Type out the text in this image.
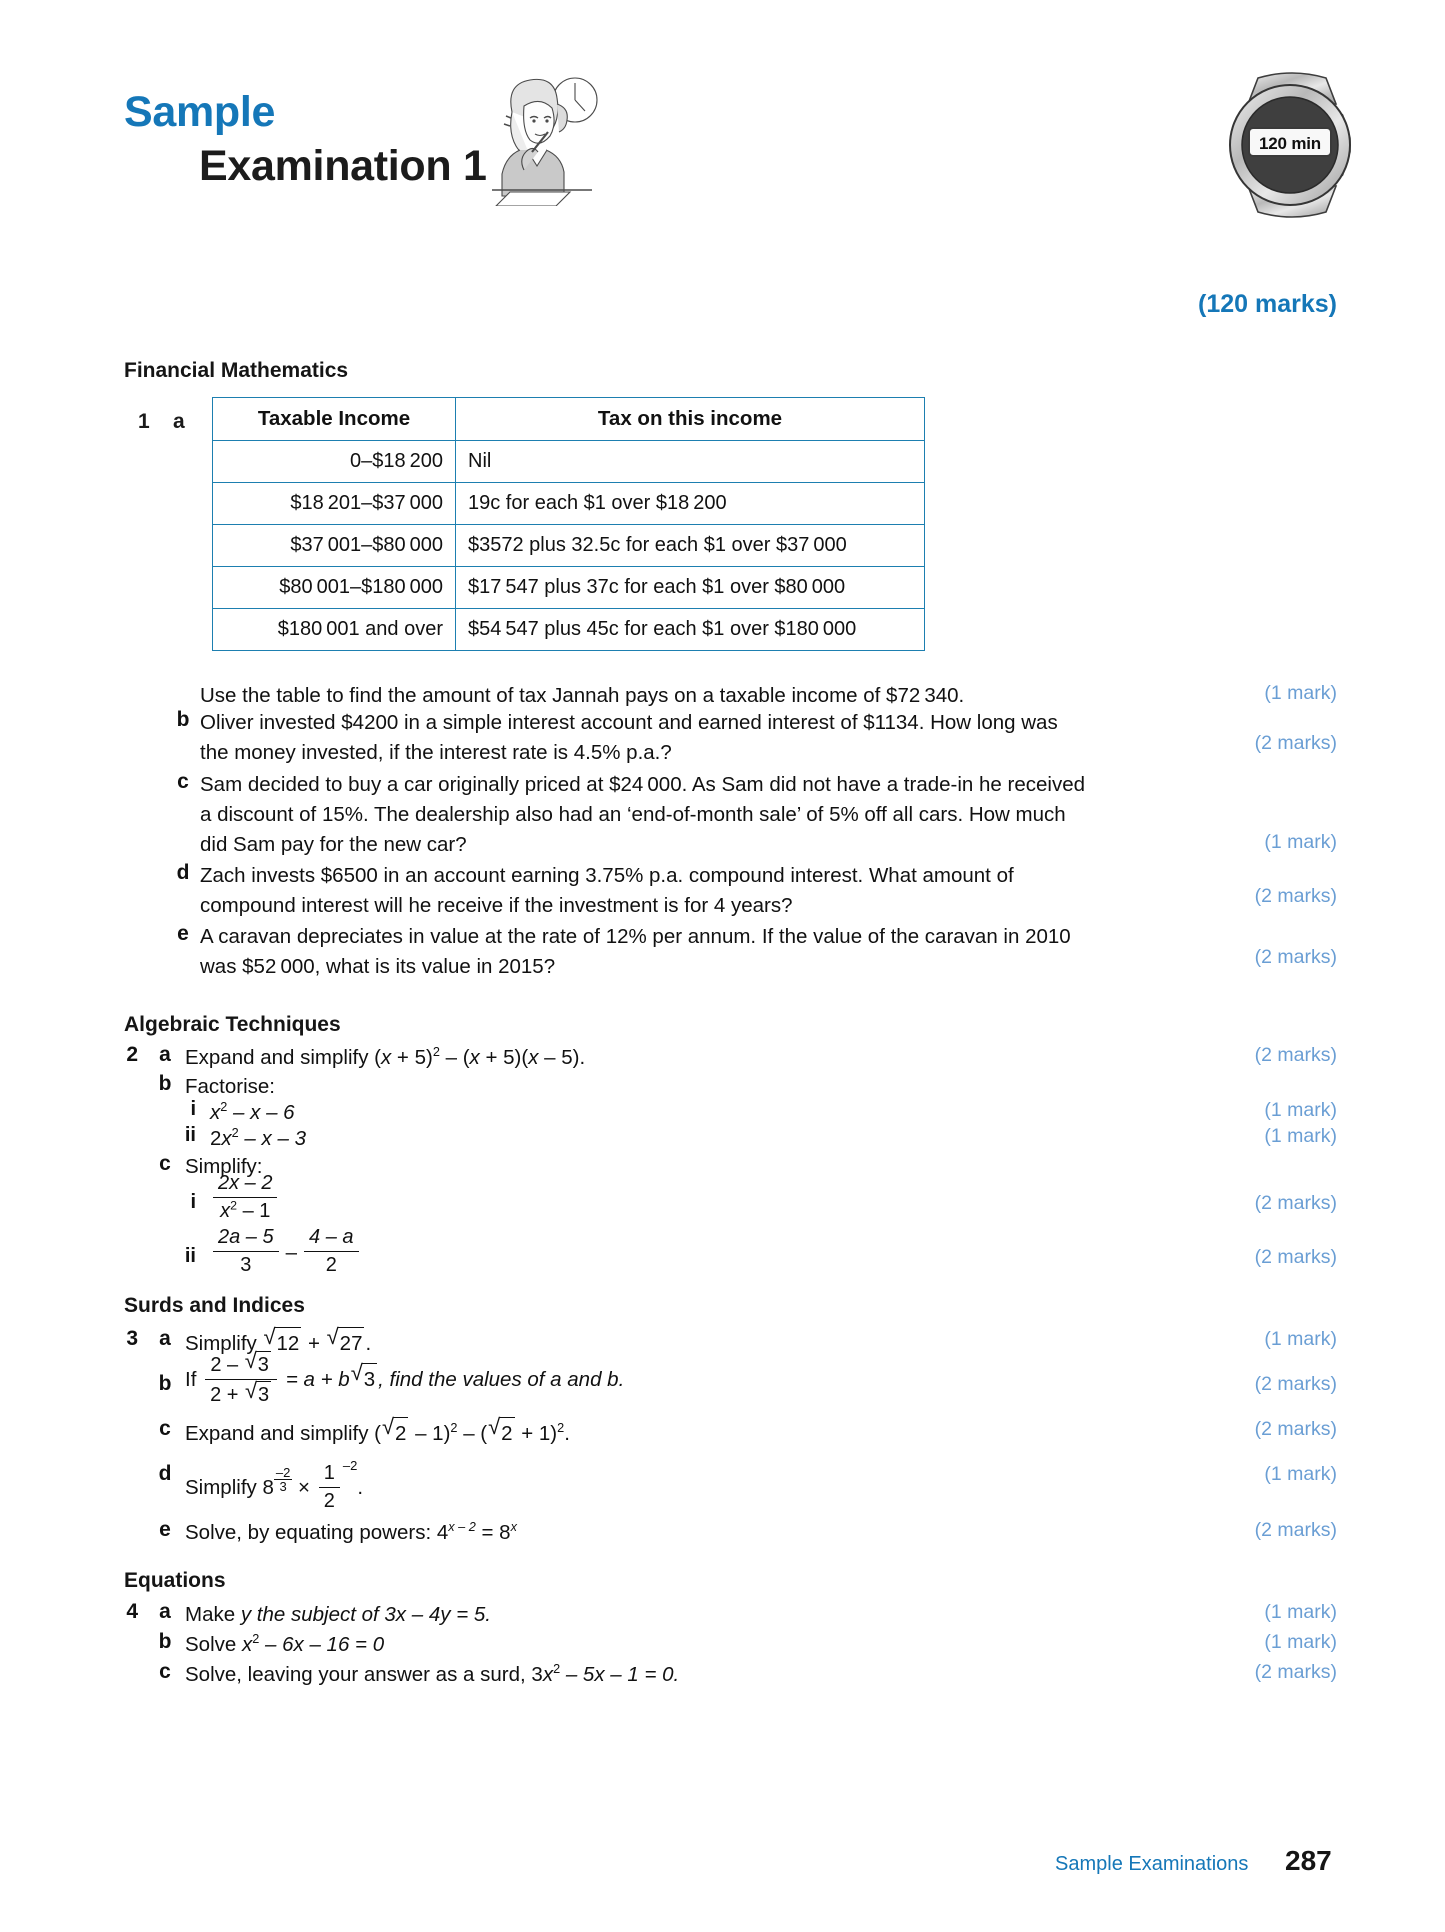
Sample
Examination 1	120 min
(120 marks)
Financial Mathematics
1 a	Taxable Income	Tax on this income
0–$18 200	Nil
$18 201–$37 000	19c for each $1 over $18 200
$37 001–$80 000	$3572 plus 32.5c for each $1 over $37 000
$80 001–$180 000	$17 547 plus 37c for each $1 over $80 000
$180 001 and over	$54 547 plus 45c for each $1 over $180 000
Use the table to find the amount of tax Jannah pays on a taxable income of $72 340.	(1 mark)
b Oliver invested $4200 in a simple interest account and earned interest of $1134. How long was
the money invested, if the interest rate is 4.5% p.a.?	(2 marks)
c Sam decided to buy a car originally priced at $24 000. As Sam did not have a trade-in he received
a discount of 15%. The dealership also had an ‘end-of-month sale’ of 5% off all cars. How much
did Sam pay for the new car?	(1 mark)
d Zach invests $6500 in an account earning 3.75% p.a. compound interest. What amount of
compound interest will he receive if the investment is for 4 years?	(2 marks)
e A caravan depreciates in value at the rate of 12% per annum. If the value of the caravan in 2010
was $52 000, what is its value in 2015?	(2 marks)
Algebraic Techniques
2 a Expand and simplify $(x + 5)^2 - (x + 5)(x - 5)$.	(2 marks)
b Factorise:
i $x^2$ – x – 6	(1 mark)
ii $2x^2$ – x – 3	(1 mark)
c Simplify:
i $\frac{2x - 2}{x^2 - 1}$	(2 marks)
ii $\frac{2a - 5}{3} - \frac{4 - a}{2}$	(2 marks)
Surds and Indices
3 a Simplify √ 12 + √ 27 .	(1 mark)
b If $\frac{2 - √ 3}{2 + √ 3} = a + b$ √ 3 , find the values of a and b.	(2 marks)
c Expand and simplify ( √ 2 – 1)$^2$ – ( √ 2 + 1)$^2$.	(2 marks)
d
Simplify $8 \frac{-2}{3} \times \frac{1}{2} ^{-2}$.
(1 mark)
e Solve, by equating powers: $4^{x - 2} = 8^x$	(2 marks)
Equations
4 a Make y the subject of 3x – 4y = 5.	(1 mark)
b Solve $x^2 - 6x - 16 = 0$	(1 mark)
c Solve, leaving your answer as a surd, $3x^2 - 5x - 1 = 0$.	(2 marks)
Sample Examinations 287
